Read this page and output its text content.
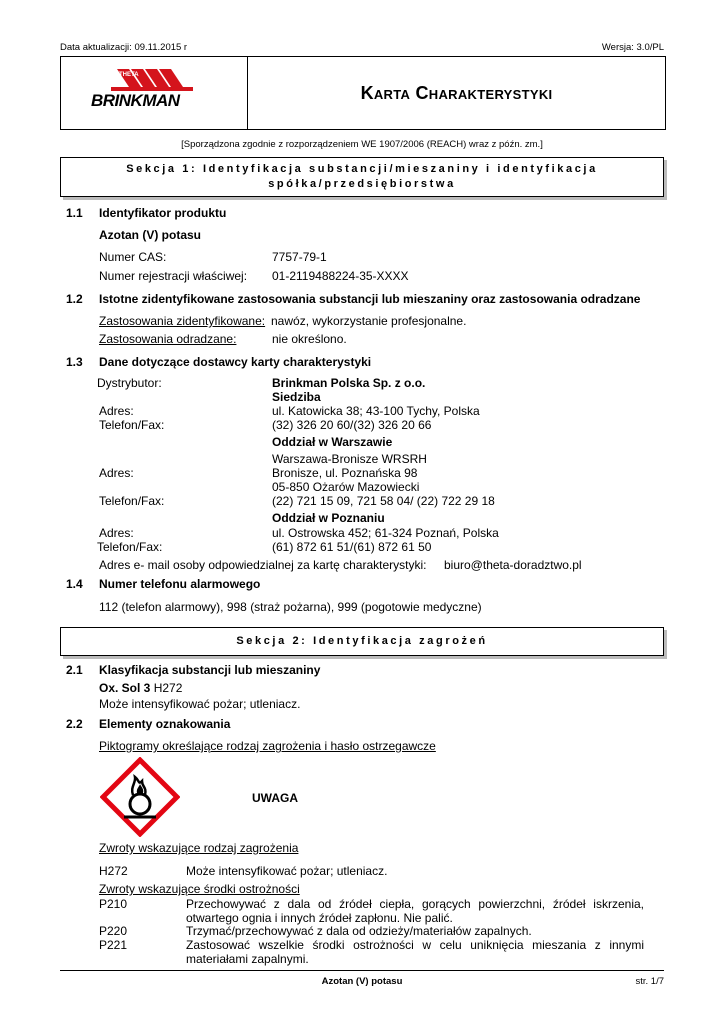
Data aktualizacji: 09.11.2015 r	Wersja: 3.0/PL
BRINKMAN
THETA
Karta Charakterystyki
[Sporządzona zgodnie z rozporządzeniem WE 1907/2006 (REACH) wraz z późn. zm.]
Sekcja 1: Identyfikacja substancji/mieszaniny i identyfikacja
spółka/przedsiębiorstwa
1.1 Identyfikator produktu
Azotan (V) potasu
Numer CAS:	7757-79-1
Numer rejestracji właściwej: 01-2119488224-35-XXXX
1.2 Istotne zidentyfikowane zastosowania substancji lub mieszaniny oraz zastosowania odradzane
Zastosowania zidentyfikowane: nawóz, wykorzystanie profesjonalne.
Zastosowania odradzane:	nie określono.
1.3 Dane dotyczące dostawcy karty charakterystyki
Dystrybutor:	Brinkman Polska Sp. z o.o.
Siedziba
Adres:	ul. Katowicka 38; 43-100 Tychy, Polska
Telefon/Fax:	(32) 326 20 60/(32) 326 20 66
Oddział w Warszawie
Warszawa-Bronisze WRSRH
Adres:	Bronisze, ul. Poznańska 98
05-850 Ożarów Mazowiecki
Telefon/Fax:	(22) 721 15 09, 721 58 04/ (22) 722 29 18
Oddział w Poznaniu
Adres:	ul. Ostrowska 452; 61-324 Poznań, Polska
Telefon/Fax:	(61) 872 61 51/(61) 872 61 50
Adres e- mail osoby odpowiedzialnej za kartę charakterystyki: biuro@theta-doradztwo.pl
1.4 Numer telefonu alarmowego
112 (telefon alarmowy), 998 (straż pożarna), 999 (pogotowie medyczne)
Sekcja 2: Identyfikacja zagrożeń
2.1 Klasyfikacja substancji lub mieszaniny
Ox. Sol 3 H272
Może intensyfikować pożar; utleniacz.
2.2 Elementy oznakowania
Piktogramy określające rodzaj zagrożenia i hasło ostrzegawcze
UWAGA
Zwroty wskazujące rodzaj zagrożenia
H272	Może intensyfikować pożar; utleniacz.
Zwroty wskazujące środki ostrożności
P210	Przechowywać z dala od źródeł ciepła, gorących powierzchni, źródeł iskrzenia, otwartego ognia i innych źródeł zapłonu. Nie palić.
P220	Trzymać/przechowywać z dala od odzieży/materiałów zapalnych.
P221	Zastosować wszelkie środki ostrożności w celu uniknięcia mieszania z innymi materiałami zapalnymi.
Azotan (V) potasu	str. 1/7
